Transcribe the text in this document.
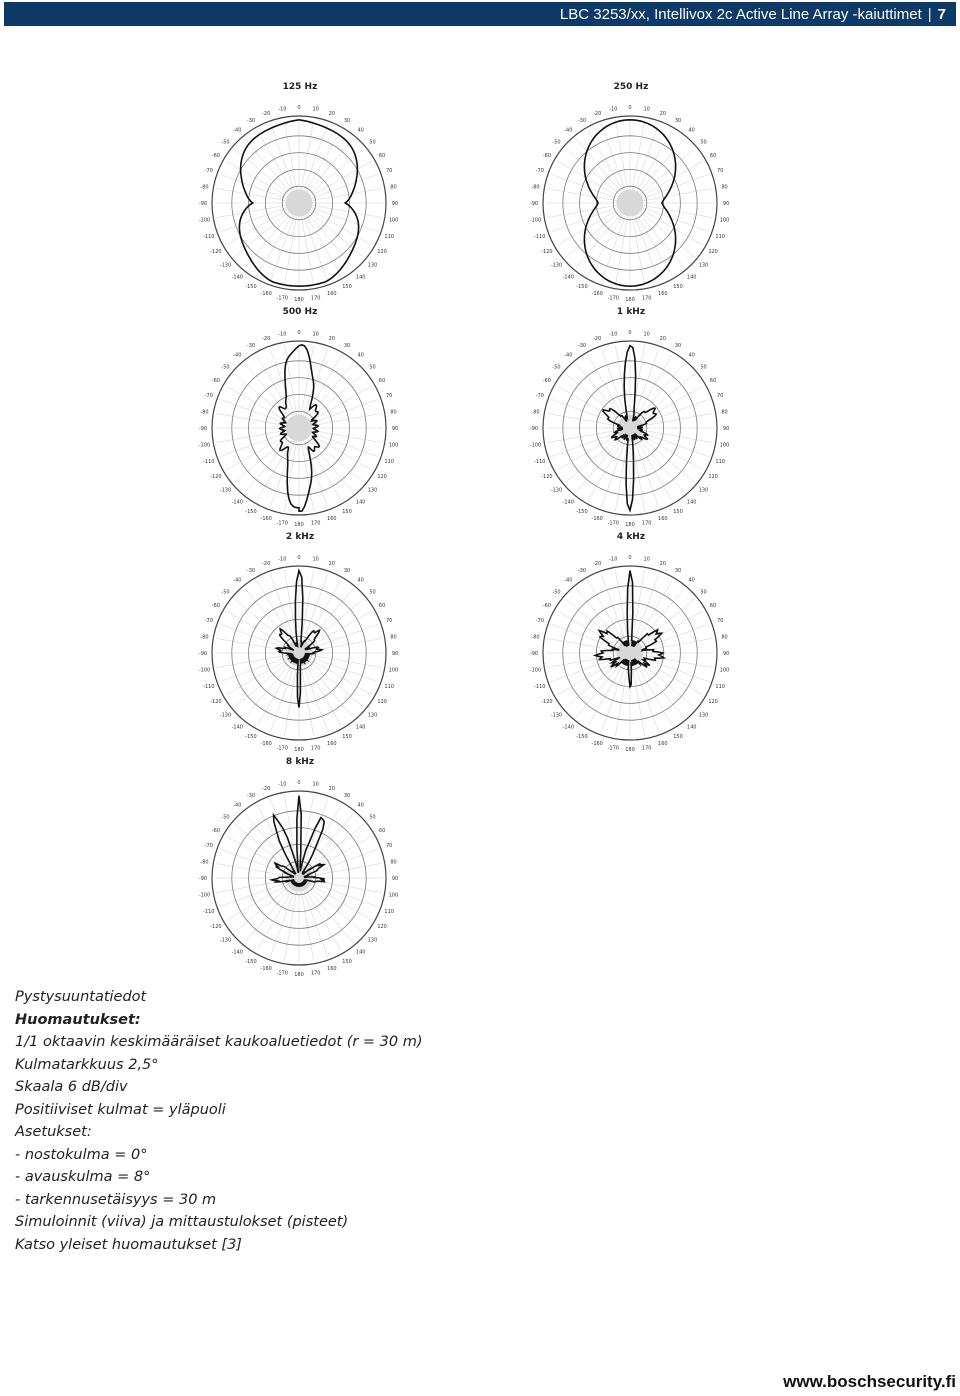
LBC 3253/xx, Intellivox 2c Active Line Array -kaiuttimet | 7
125 Hz
0 10
20
30
40
50
60
70
80
90
100
110
120
130
140
150
160
170
180
-170
-160
-150
-140
-130
-120
-110
-100
-90
-80
-70
-60
-50
-40
-30
-20
-10
250 Hz
0 10
20
30
40
50
60
70
80
90
100
110
120
130
140
150
160
170
180
-170
-160
-150
-140
-130
-120
-110
-100
-90
-80
-70
-60
-50
-40
-30
-20
-10
500 Hz
0 10
20
30
40
50
60
70
80
90
100
110
120
130
140
150
160
170
180
-170
-160
-150
-140
-130
-120
-110
-100
-90
-80
-70
-60
-50
-40
-30
-20
-10
1 kHz
0 10
20
30
40
50
60
70
80
90
100
110
120
130
140
150
160
170
180
-170
-160
-150
-140
-130
-120
-110
-100
-90
-80
-70
-60
-50
-40
-30
-20
-10
2 kHz
0 10
20
30
40
50
60
70
80
90
100
110
120
130
140
150
160
170
180
-170
-160
-150
-140
-130
-120
-110
-100
-90
-80
-70
-60
-50
-40
-30
-20
-10
4 kHz
0 10
20
30
40
50
60
70
80
90
100
110
120
130
140
150
160
170
180
-170
-160
-150
-140
-130
-120
-110
-100
-90
-80
-70
-60
-50
-40
-30
-20
-10
8 kHz
0 10
20
30
40
50
60
70
80
90
100
110
120
130
140
150
160
170
180
-170
-160
-150
-140
-130
-120
-110
-100
-90
-80
-70
-60
-50
-40
-30
-20
-10
Pystysuuntatiedot
Huomautukset:
1/1 oktaavin keskimääräiset kaukoaluetiedot (r = 30 m)
Kulmatarkkuus 2,5°
Skaala 6 dB/div
Positiiviset kulmat = yläpuoli
Asetukset:
- nostokulma = 0°
- avauskulma = 8°
- tarkennusetäisyys = 30 m
Simuloinnit (viiva) ja mittaustulokset (pisteet)
Katso yleiset huomautukset [3]
www.boschsecurity.fi
